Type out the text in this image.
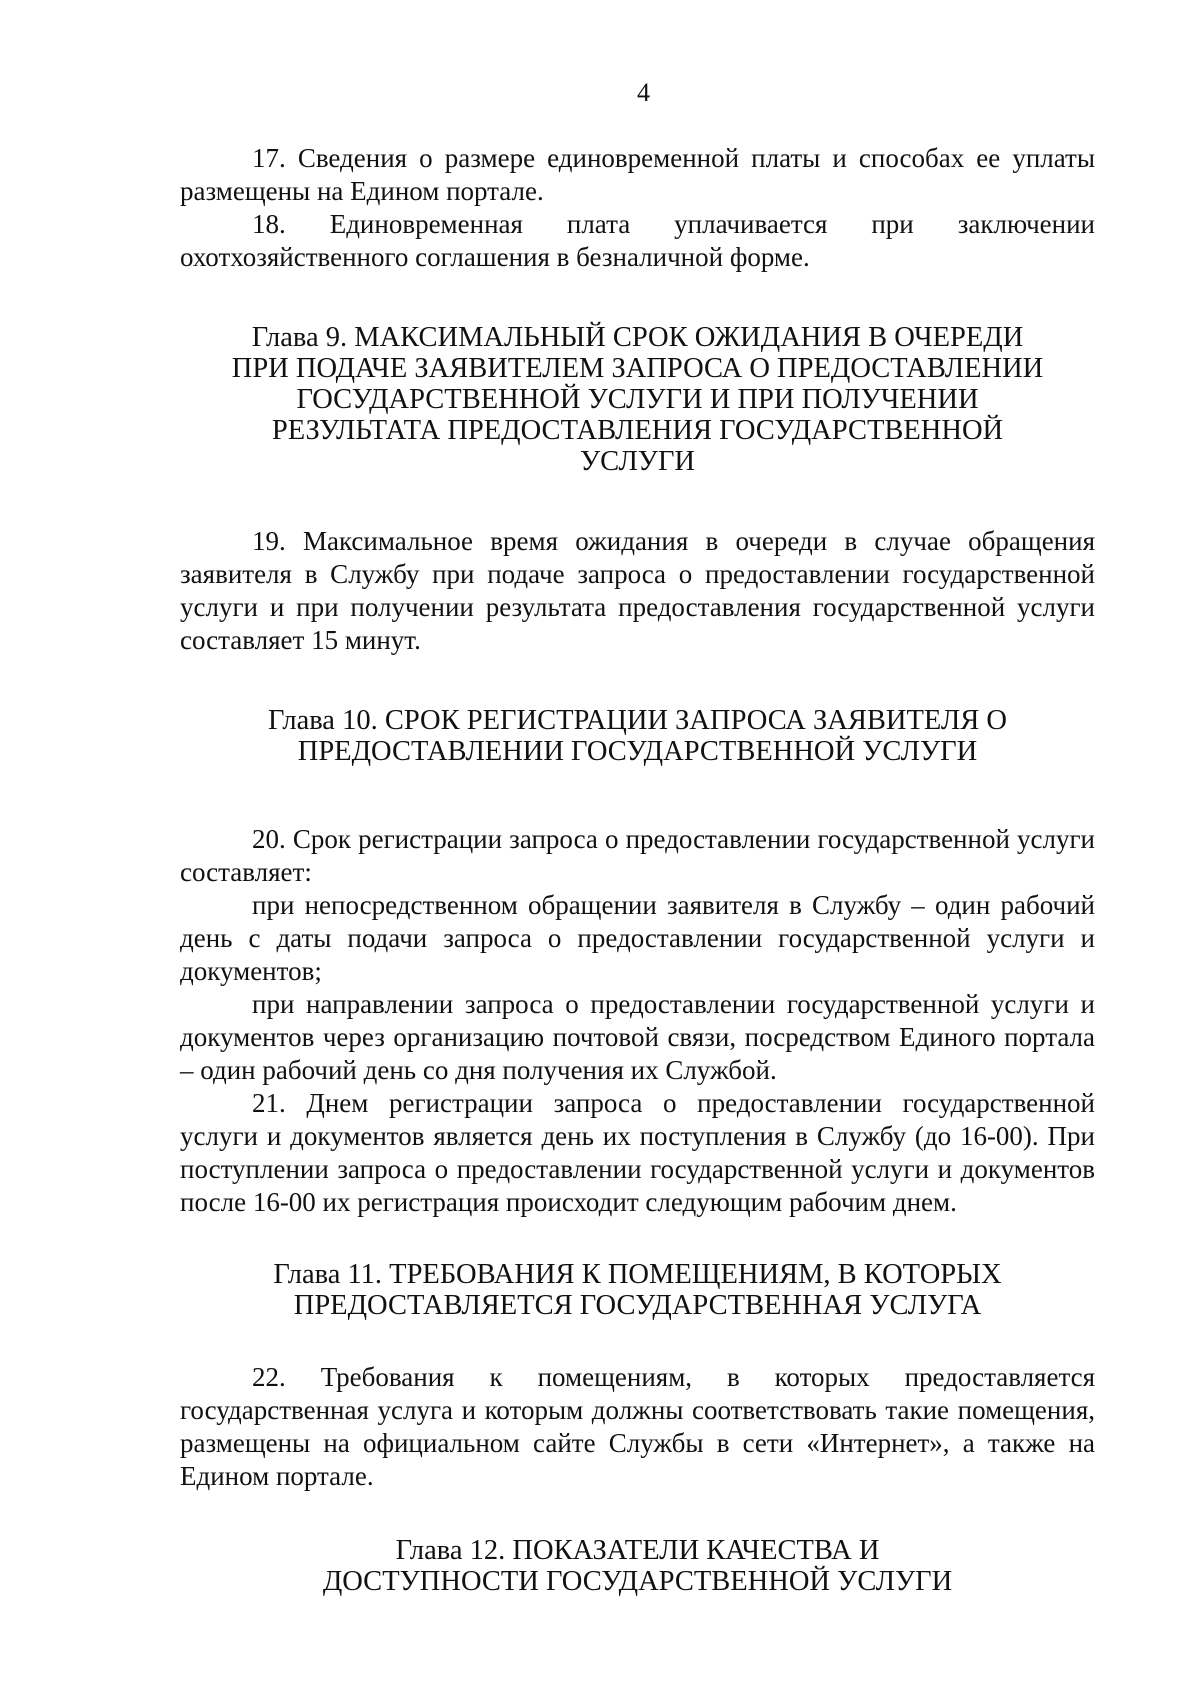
4

17. Сведения о размере единовременной платы и способах ее уплаты размещены на Едином портале.

18. Единовременная плата уплачивается при заключении охотхозяйственного соглашения в безналичной форме.

Глава 9. МАКСИМАЛЬНЫЙ СРОК ОЖИДАНИЯ В ОЧЕРЕДИ ПРИ ПОДАЧЕ ЗАЯВИТЕЛЕМ ЗАПРОСА О ПРЕДОСТАВЛЕНИИ ГОСУДАРСТВЕННОЙ УСЛУГИ И ПРИ ПОЛУЧЕНИИ РЕЗУЛЬТАТА ПРЕДОСТАВЛЕНИЯ ГОСУДАРСТВЕННОЙ УСЛУГИ

19. Максимальное время ожидания в очереди в случае обращения заявителя в Службу при подаче запроса о предоставлении государственной услуги и при получении результата предоставления государственной услуги составляет 15 минут.

Глава 10. СРОК РЕГИСТРАЦИИ ЗАПРОСА ЗАЯВИТЕЛЯ О ПРЕДОСТАВЛЕНИИ ГОСУДАРСТВЕННОЙ УСЛУГИ

20. Срок регистрации запроса о предоставлении государственной услуги составляет:

при непосредственном обращении заявителя в Службу – один рабочий день с даты подачи запроса о предоставлении государственной услуги и документов;

при направлении запроса о предоставлении государственной услуги и документов через организацию почтовой связи, посредством Единого портала – один рабочий день со дня получения их Службой.

21. Днем регистрации запроса о предоставлении государственной услуги и документов является день их поступления в Службу (до 16-00). При поступлении запроса о предоставлении государственной услуги и документов после 16-00 их регистрация происходит следующим рабочим днем.

Глава 11. ТРЕБОВАНИЯ К ПОМЕЩЕНИЯМ, В КОТОРЫХ ПРЕДОСТАВЛЯЕТСЯ ГОСУДАРСТВЕННАЯ УСЛУГА

22. Требования к помещениям, в которых предоставляется государственная услуга и которым должны соответствовать такие помещения, размещены на официальном сайте Службы в сети «Интернет», а также на Едином портале.

Глава 12. ПОКАЗАТЕЛИ КАЧЕСТВА И ДОСТУПНОСТИ ГОСУДАРСТВЕННОЙ УСЛУГИ
